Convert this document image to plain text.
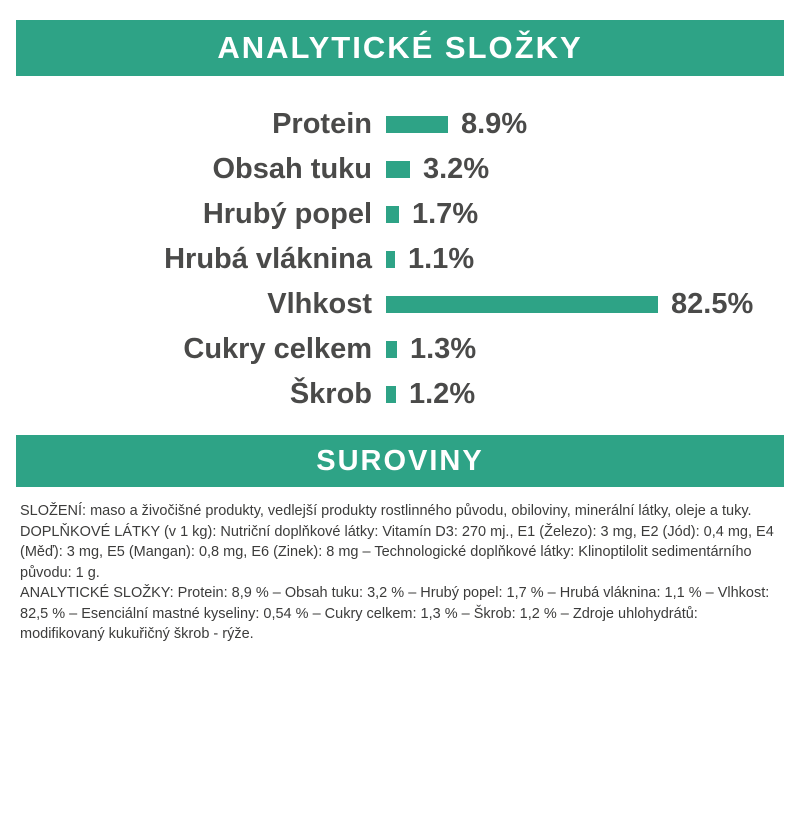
ANALYTICKÉ SLOŽKY
Protein	8.9%
Obsah tuku	3.2%
Hrubý popel	1.7%
Hrubá vláknina	1.1%
Vlhkost	82.5%
Cukry celkem	1.3%
Škrob	1.2%
SUROVINY

SLOŽENÍ: maso a živočišné produkty, vedlejší produkty rostlinného původu, obiloviny, minerální látky, oleje a tuky.

DOPLŇKOVÉ LÁTKY (v 1 kg): Nutriční doplňkové látky: Vitamín D3: 270 mj., E1 (Železo): 3 mg, E2 (Jód): 0,4 mg, E4 (Měď): 3 mg, E5 (Mangan): 0,8 mg, E6 (Zinek): 8 mg – Technologické doplňkové látky: Klinoptilolit sedimentárního původu: 1 g.

ANALYTICKÉ SLOŽKY: Protein: 8,9 % – Obsah tuku: 3,2 % – Hrubý popel: 1,7 % – Hrubá vláknina: 1,1 % – Vlhkost: 82,5 % – Esenciální mastné kyseliny: 0,54 % – Cukry celkem: 1,3 % – Škrob: 1,2 % – Zdroje uhlohydrátů: modifikovaný kukuřičný škrob - rýže.
